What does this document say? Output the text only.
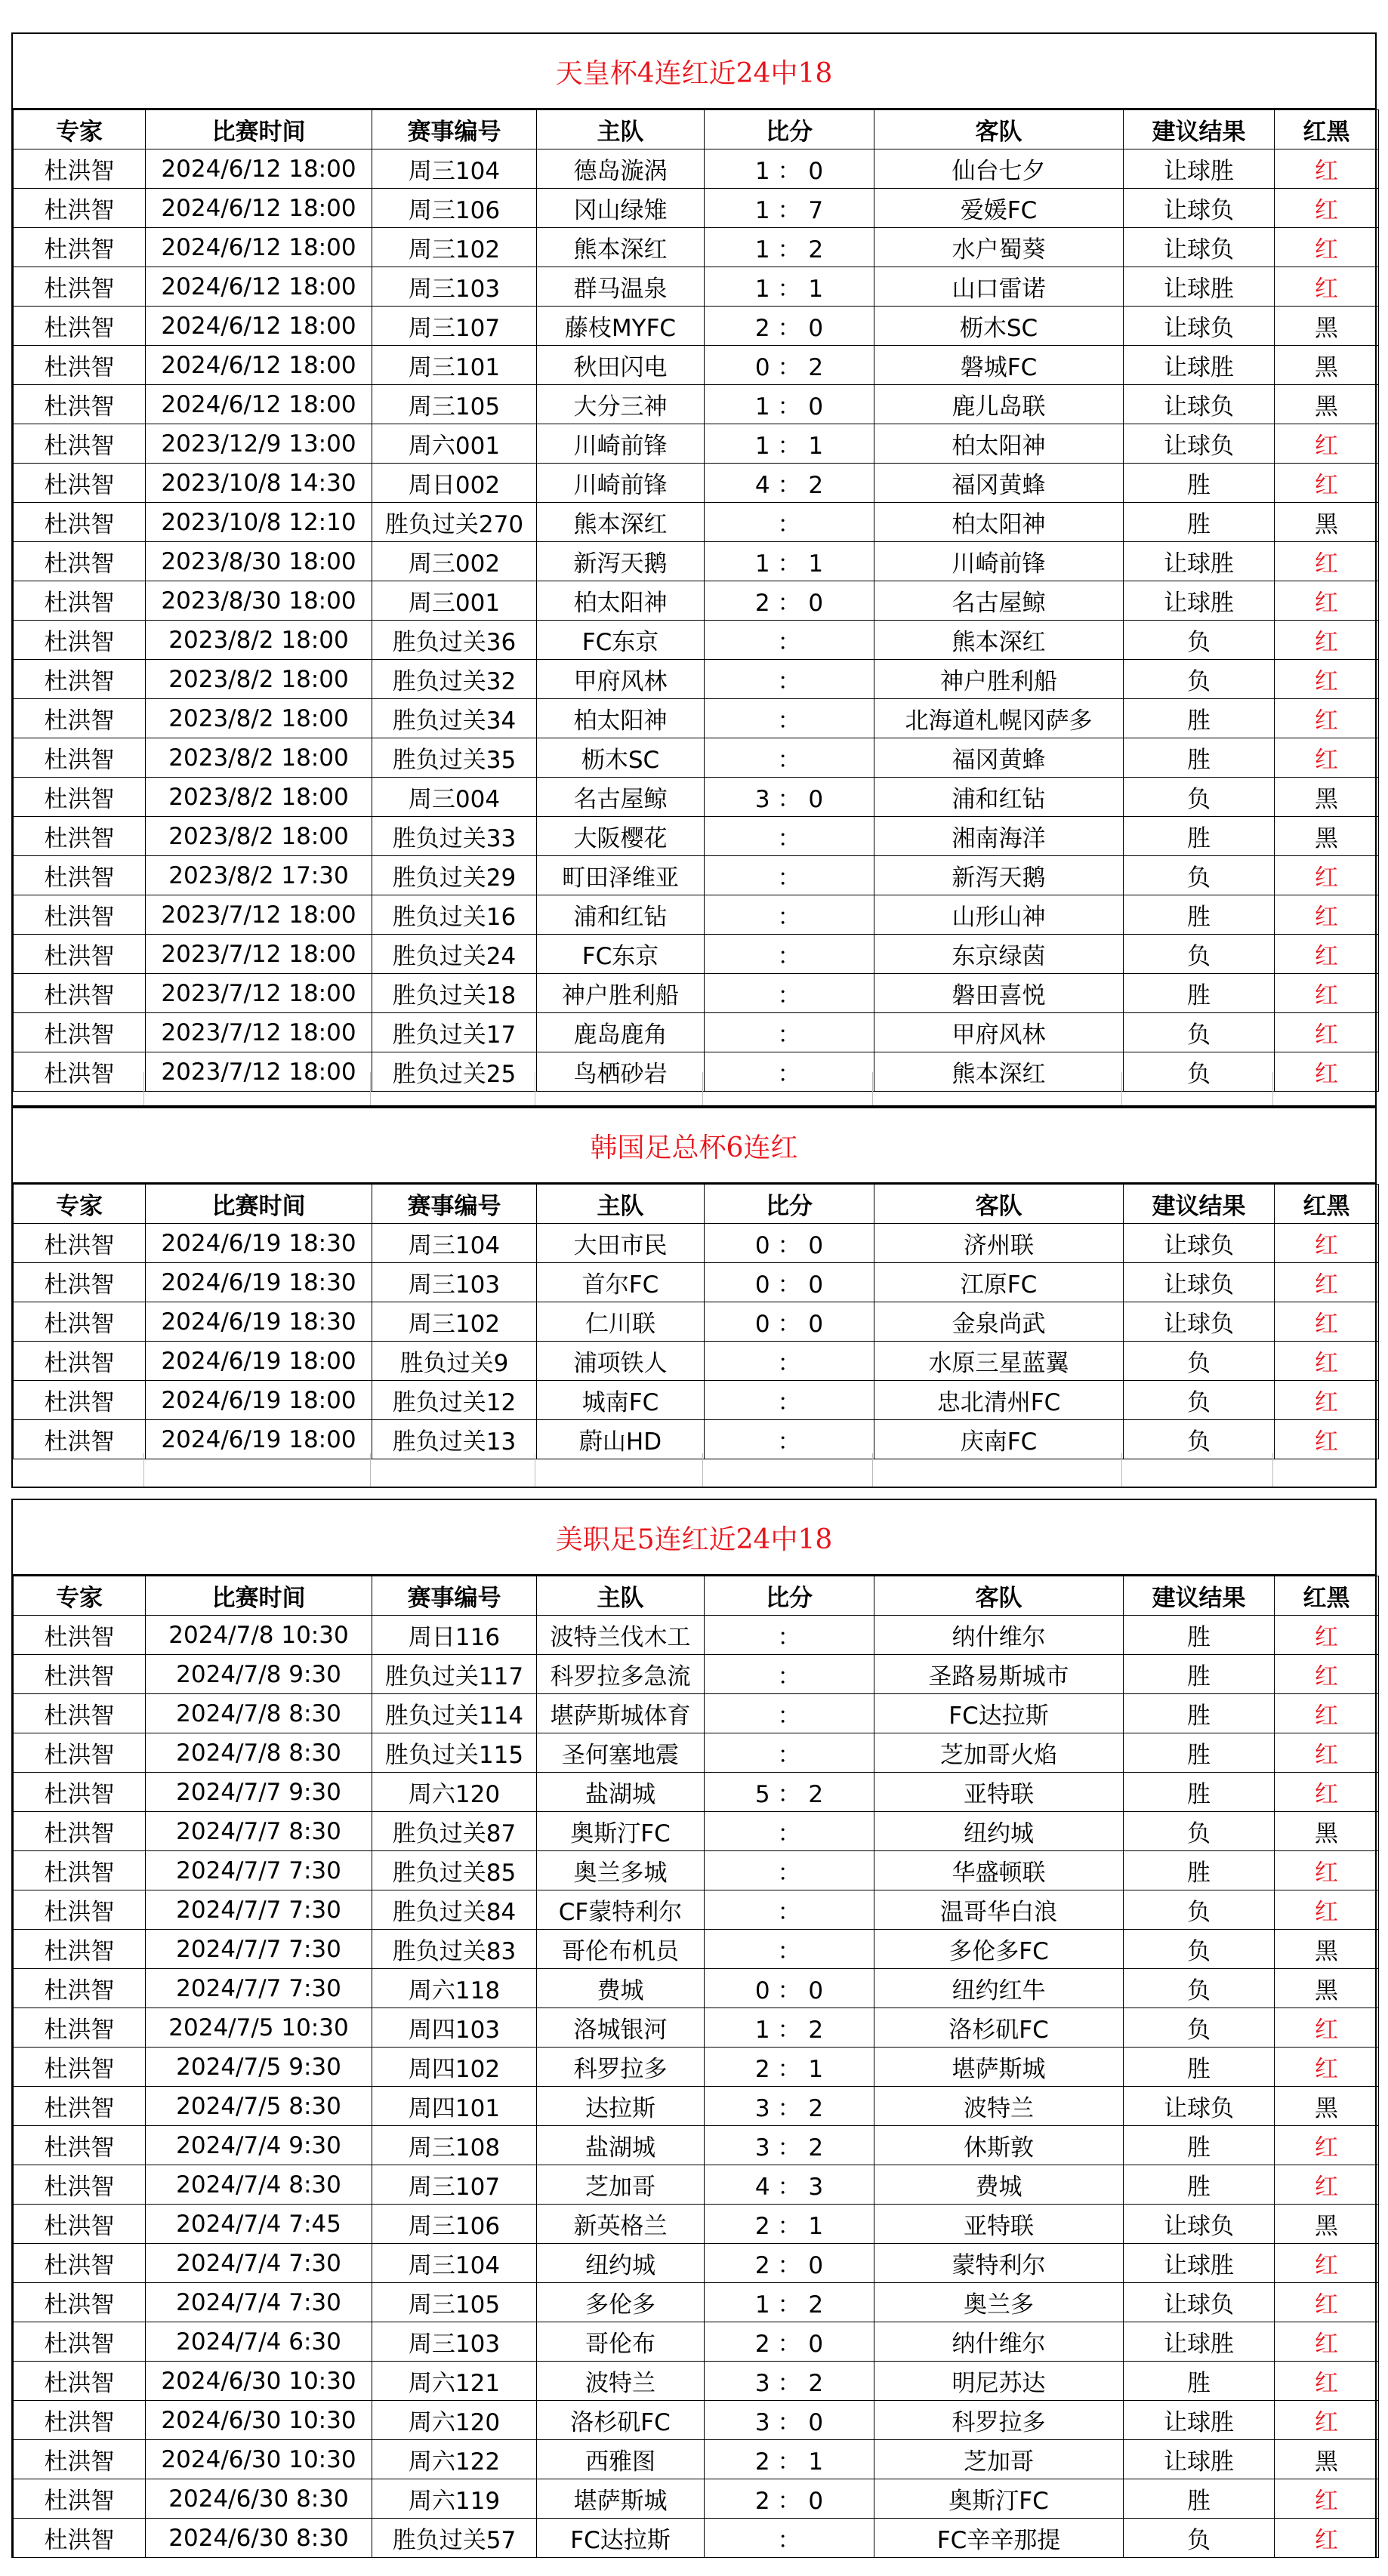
天皇杯4连红近24中18
专家	比赛时间	赛事编号	主队	比分	客队	建议结果	红黑
杜洪智	2024/6/12 18:00	周三104	德岛漩涡	1 ： 0	仙台七夕	让球胜	红
杜洪智	2024/6/12 18:00	周三106	冈山绿雉	1 ： 7	爱媛FC	让球负	红
杜洪智	2024/6/12 18:00	周三102	熊本深红	1 ： 2	水户蜀葵	让球负	红
杜洪智	2024/6/12 18:00	周三103	群马温泉	1 ： 1	山口雷诺	让球胜	红
杜洪智	2024/6/12 18:00	周三107	藤枝MYFC	2 ： 0	枥木SC	让球负	黑
杜洪智	2024/6/12 18:00	周三101	秋田闪电	0 ： 2	磐城FC	让球胜	黑
杜洪智	2024/6/12 18:00	周三105	大分三神	1 ： 0	鹿儿岛联	让球负	黑
杜洪智	2023/12/9 13:00	周六001	川崎前锋	1 ： 1	柏太阳神	让球负	红
杜洪智	2023/10/8 14:30	周日002	川崎前锋	4 ： 2	福冈黄蜂	胜	红
杜洪智	2023/10/8 12:10	胜负过关270	熊本深红	：	柏太阳神	胜	黑
杜洪智	2023/8/30 18:00	周三002	新泻天鹅	1 ： 1	川崎前锋	让球胜	红
杜洪智	2023/8/30 18:00	周三001	柏太阳神	2 ： 0	名古屋鲸	让球胜	红
杜洪智	2023/8/2 18:00	胜负过关36	FC东京	：	熊本深红	负	红
杜洪智	2023/8/2 18:00	胜负过关32	甲府风林	：	神户胜利船	负	红
杜洪智	2023/8/2 18:00	胜负过关34	柏太阳神	：	北海道札幌冈萨多	胜	红
杜洪智	2023/8/2 18:00	胜负过关35	枥木SC	：	福冈黄蜂	胜	红
杜洪智	2023/8/2 18:00	周三004	名古屋鲸	3 ： 0	浦和红钻	负	黑
杜洪智	2023/8/2 18:00	胜负过关33	大阪樱花	：	湘南海洋	胜	黑
杜洪智	2023/8/2 17:30	胜负过关29	町田泽维亚	：	新泻天鹅	负	红
杜洪智	2023/7/12 18:00	胜负过关16	浦和红钻	：	山形山神	胜	红
杜洪智	2023/7/12 18:00	胜负过关24	FC东京	：	东京绿茵	负	红
杜洪智	2023/7/12 18:00	胜负过关18	神户胜利船	：	磐田喜悦	胜	红
杜洪智	2023/7/12 18:00	胜负过关17	鹿岛鹿角	：	甲府风林	负	红
杜洪智	2023/7/12 18:00	胜负过关25	鸟栖砂岩	：	熊本深红	负	红
韩国足总杯6连红
专家	比赛时间	赛事编号	主队	比分	客队	建议结果	红黑
杜洪智	2024/6/19 18:30	周三104	大田市民	0 ： 0	济州联	让球负	红
杜洪智	2024/6/19 18:30	周三103	首尔FC	0 ： 0	江原FC	让球负	红
杜洪智	2024/6/19 18:30	周三102	仁川联	0 ： 0	金泉尚武	让球负	红
杜洪智	2024/6/19 18:00	胜负过关9	浦项铁人	：	水原三星蓝翼	负	红
杜洪智	2024/6/19 18:00	胜负过关12	城南FC	：	忠北清州FC	负	红
杜洪智	2024/6/19 18:00	胜负过关13	蔚山HD	：	庆南FC	负	红
美职足5连红近24中18
专家	比赛时间	赛事编号	主队	比分	客队	建议结果	红黑
杜洪智	2024/7/8 10:30	周日116	波特兰伐木工	：	纳什维尔	胜	红
杜洪智	2024/7/8 9:30	胜负过关117	科罗拉多急流	：	圣路易斯城市	胜	红
杜洪智	2024/7/8 8:30	胜负过关114	堪萨斯城体育	：	FC达拉斯	胜	红
杜洪智	2024/7/8 8:30	胜负过关115	圣何塞地震	：	芝加哥火焰	胜	红
杜洪智	2024/7/7 9:30	周六120	盐湖城	5 ： 2	亚特联	胜	红
杜洪智	2024/7/7 8:30	胜负过关87	奥斯汀FC	：	纽约城	负	黑
杜洪智	2024/7/7 7:30	胜负过关85	奥兰多城	：	华盛顿联	胜	红
杜洪智	2024/7/7 7:30	胜负过关84	CF蒙特利尔	：	温哥华白浪	负	红
杜洪智	2024/7/7 7:30	胜负过关83	哥伦布机员	：	多伦多FC	负	黑
杜洪智	2024/7/7 7:30	周六118	费城	0 ： 0	纽约红牛	负	黑
杜洪智	2024/7/5 10:30	周四103	洛城银河	1 ： 2	洛杉矶FC	负	红
杜洪智	2024/7/5 9:30	周四102	科罗拉多	2 ： 1	堪萨斯城	胜	红
杜洪智	2024/7/5 8:30	周四101	达拉斯	3 ： 2	波特兰	让球负	黑
杜洪智	2024/7/4 9:30	周三108	盐湖城	3 ： 2	休斯敦	胜	红
杜洪智	2024/7/4 8:30	周三107	芝加哥	4 ： 3	费城	胜	红
杜洪智	2024/7/4 7:45	周三106	新英格兰	2 ： 1	亚特联	让球负	黑
杜洪智	2024/7/4 7:30	周三104	纽约城	2 ： 0	蒙特利尔	让球胜	红
杜洪智	2024/7/4 7:30	周三105	多伦多	1 ： 2	奥兰多	让球负	红
杜洪智	2024/7/4 6:30	周三103	哥伦布	2 ： 0	纳什维尔	让球胜	红
杜洪智	2024/6/30 10:30	周六121	波特兰	3 ： 2	明尼苏达	胜	红
杜洪智	2024/6/30 10:30	周六120	洛杉矶FC	3 ： 0	科罗拉多	让球胜	红
杜洪智	2024/6/30 10:30	周六122	西雅图	2 ： 1	芝加哥	让球胜	黑
杜洪智	2024/6/30 8:30	周六119	堪萨斯城	2 ： 0	奥斯汀FC	胜	红
杜洪智	2024/6/30 8:30	胜负过关57	FC达拉斯	：	FC辛辛那提	负	红
